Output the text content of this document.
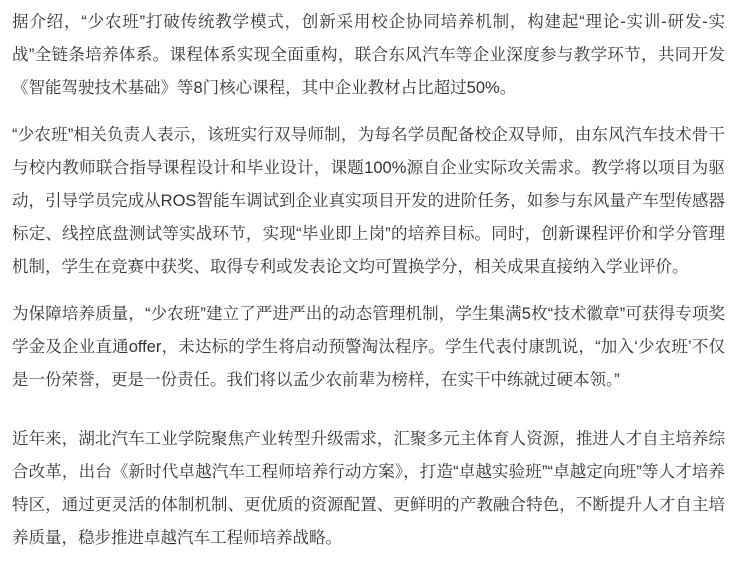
据介绍，“少农班”打破传统教学模式，创新采用校企协同培养机制，构建起“理论-实训-研发-实战”全链条培养体系。课程体系实现全面重构，联合东风汽车等企业深度参与教学环节，共同开发《智能驾驶技术基础》等8门核心课程，其中企业教材占比超过50%。

“少农班”相关负责人表示，该班实行双导师制，为每名学员配备校企双导师，由东风汽车技术骨干与校内教师联合指导课程设计和毕业设计，课题100%源自企业实际攻关需求。教学将以项目为驱动，引导学员完成从ROS智能车调试到企业真实项目开发的进阶任务，如参与东风量产车型传感器标定、线控底盘测试等实战环节，实现“毕业即上岗”的培养目标。同时，创新课程评价和学分管理机制，学生在竞赛中获奖、取得专利或发表论文均可置换学分，相关成果直接纳入学业评价。

为保障培养质量，“少农班”建立了严进严出的动态管理机制，学生集满5枚“技术徽章”可获得专项奖学金及企业直通offer，未达标的学生将启动预警淘汰程序。学生代表付康凯说，“加入‘少农班’不仅是一份荣誉，更是一份责任。我们将以孟少农前辈为榜样，在实干中练就过硬本领。”

近年来，湖北汽车工业学院聚焦产业转型升级需求，汇聚多元主体育人资源，推进人才自主培养综合改革，出台《新时代卓越汽车工程师培养行动方案》，打造“卓越实验班”“卓越定向班”等人才培养特区，通过更灵活的体制机制、更优质的资源配置、更鲜明的产教融合特色，不断提升人才自主培养质量，稳步推进卓越汽车工程师培养战略。
